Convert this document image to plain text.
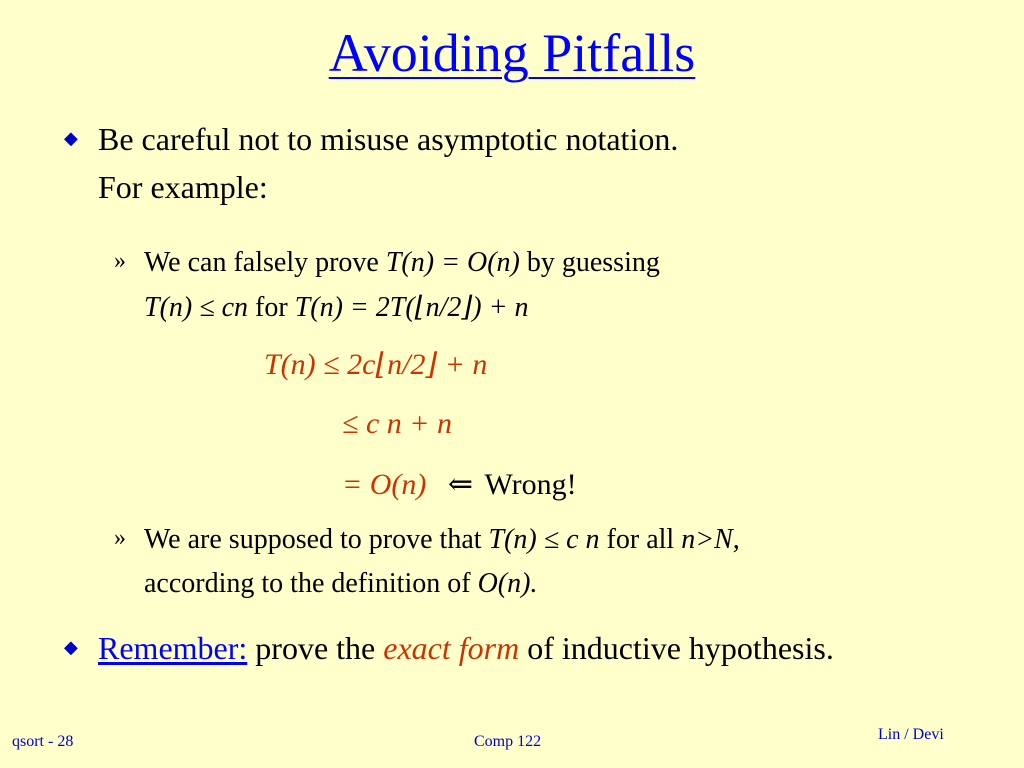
Avoiding Pitfalls
◆ Be careful not to misuse asymptotic notation.
For example:
» We can falsely prove T(n) = O(n) by guessing
T(n) ≤ cn for T(n) = 2T(⌊n/2⌋) + n
T(n) ≤ 2c⌊n/2⌋ + n
≤ c n + n
= O(n) ⇐ Wrong!
» We are supposed to prove that T(n) ≤ c n for all n>N,
according to the definition of O(n).
◆ Remember: prove the exact form of inductive hypothesis.
qsort - 28	Comp 122	Lin / Devi
